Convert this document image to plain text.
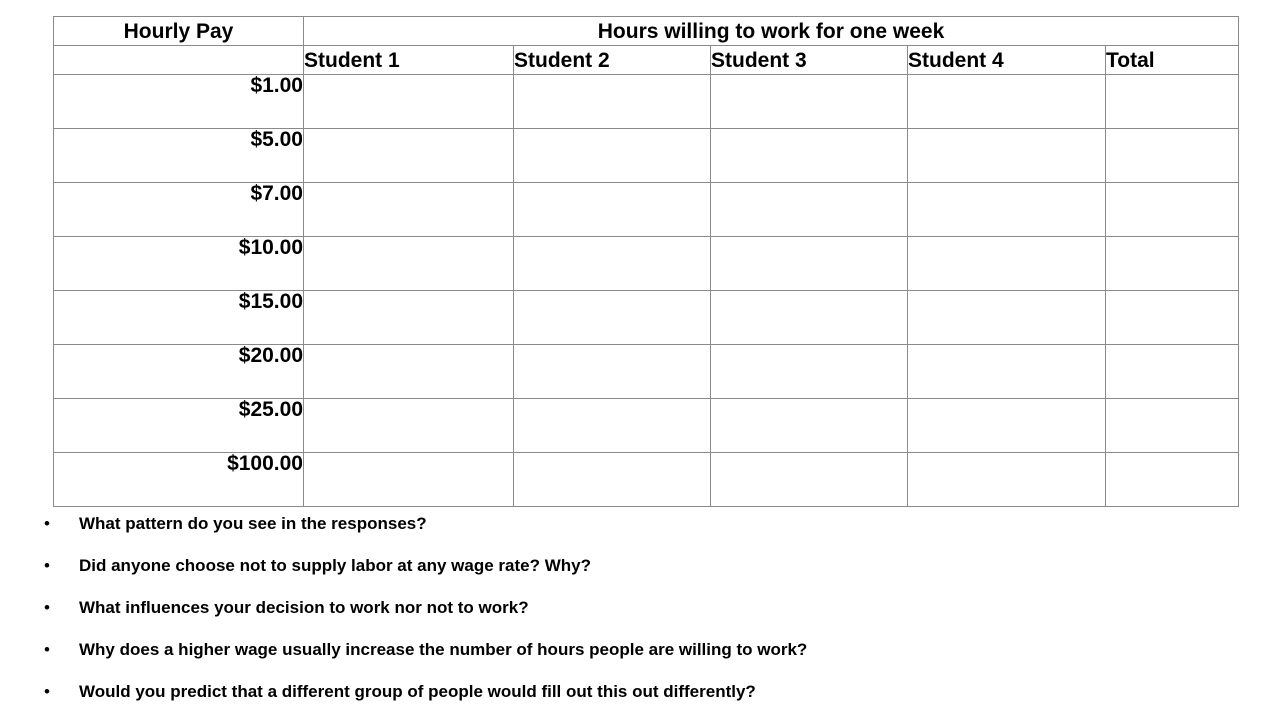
Hourly Pay	Hours willing to work for one week				
	Student 1	Student 2	Student 3	Student 4	Total
$1.00					
$5.00					
$7.00					
$10.00					
$15.00					
$20.00					
$25.00					
$100.00					
• What pattern do you see in the responses?
• Did anyone choose not to supply labor at any wage rate? Why?
• What influences your decision to work nor not to work?
• Why does a higher wage usually increase the number of hours people are willing to work?
• Would you predict that a different group of people would fill out this out differently?
